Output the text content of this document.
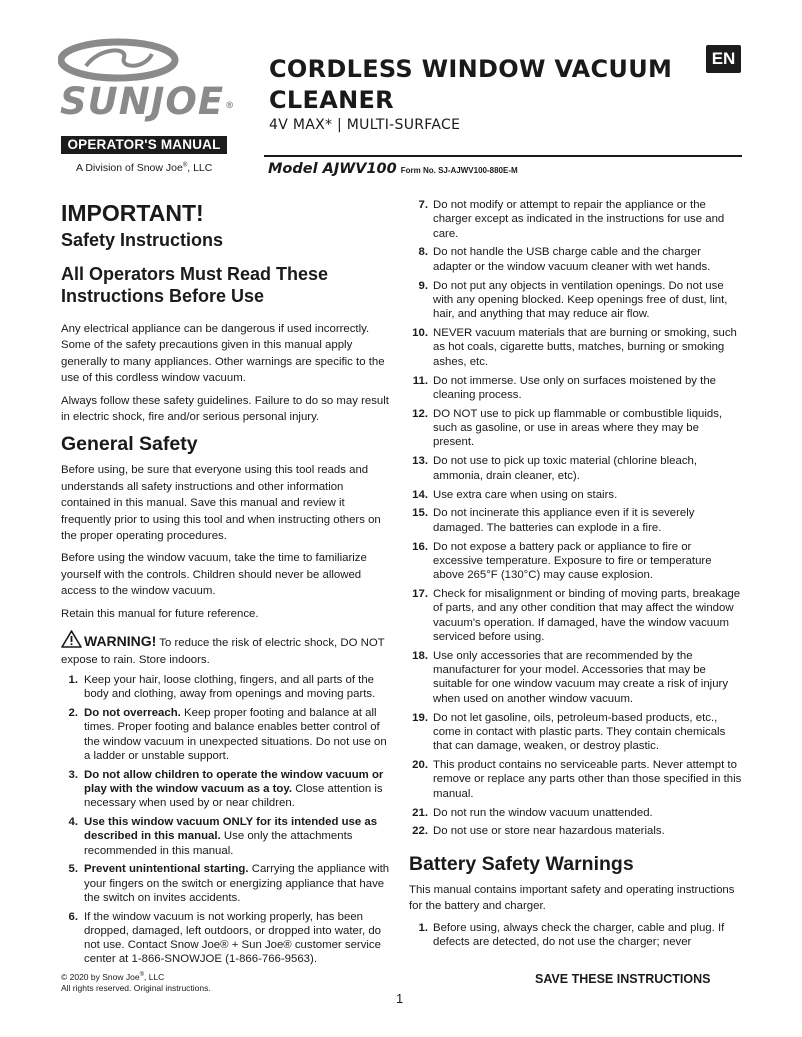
SUNJOE®
OPERATOR'S MANUAL
A Division of Snow Joe®, LLC
CORDLESS WINDOW VACUUM CLEANER
4V MAX* | MULTI-SURFACE
EN
Model AJWV100 Form No. SJ-AJWV100-880E-M
IMPORTANT!
Safety Instructions
All Operators Must Read These Instructions Before Use

Any electrical appliance can be dangerous if used incorrectly. Some of the safety precautions given in this manual apply generally to many appliances. Other warnings are specific to the use of this cordless window vacuum.

Always follow these safety guidelines. Failure to do so may result in electric shock, fire and/or serious personal injury.

General Safety

Before using, be sure that everyone using this tool reads and understands all safety instructions and other information contained in this manual. Save this manual and review it frequently prior to using this tool and when instructing others on the proper operating procedures.

Before using the window vacuum, take the time to familiarize yourself with the controls. Children should never be allowed access to the window vacuum.

Retain this manual for future reference.

WARNING! To reduce the risk of electric shock, DO NOT expose to rain. Store indoors.
1. Keep your hair, loose clothing, fingers, and all parts of the body and clothing, away from openings and moving parts.
2. Do not overreach. Keep proper footing and balance at all times. Proper footing and balance enables better control of the window vacuum in unexpected situations. Do not use on a ladder or unstable support.
3. Do not allow children to operate the window vacuum or play with the window vacuum as a toy. Close attention is necessary when used by or near children.
4. Use this window vacuum ONLY for its intended use as described in this manual. Use only the attachments recommended in this manual.
5. Prevent unintentional starting. Carrying the appliance with your fingers on the switch or energizing appliance that have the switch on invites accidents.
6. If the window vacuum is not working properly, has been dropped, damaged, left outdoors, or dropped into water, do not use. Contact Snow Joe® + Sun Joe® customer service center at 1-866-SNOWJOE (1-866-766-9563).
7. Do not modify or attempt to repair the appliance or the charger except as indicated in the instructions for use and care.
8. Do not handle the USB charge cable and the charger adapter or the window vacuum cleaner with wet hands.
9. Do not put any objects in ventilation openings. Do not use with any opening blocked. Keep openings free of dust, lint, hair, and anything that may reduce air flow.
10. NEVER vacuum materials that are burning or smoking, such as hot coals, cigarette butts, matches, burning or smoking ashes, etc.
11. Do not immerse. Use only on surfaces moistened by the cleaning process.
12. DO NOT use to pick up flammable or combustible liquids, such as gasoline, or use in areas where they may be present.
13. Do not use to pick up toxic material (chlorine bleach, ammonia, drain cleaner, etc).
14. Use extra care when using on stairs.
15. Do not incinerate this appliance even if it is severely damaged. The batteries can explode in a fire.
16. Do not expose a battery pack or appliance to fire or excessive temperature. Exposure to fire or temperature above 265°F (130°C) may cause explosion.
17. Check for misalignment or binding of moving parts, breakage of parts, and any other condition that may affect the window vacuum's operation. If damaged, have the window vacuum serviced before using.
18. Use only accessories that are recommended by the manufacturer for your model. Accessories that may be suitable for one window vacuum may create a risk of injury when used on another window vacuum.
19. Do not let gasoline, oils, petroleum-based products, etc., come in contact with plastic parts. They contain chemicals that can damage, weaken, or destroy plastic.
20. This product contains no serviceable parts. Never attempt to remove or replace any parts other than those specified in this manual.
21. Do not run the window vacuum unattended.
22. Do not use or store near hazardous materials.
Battery Safety Warnings

This manual contains important safety and operating instructions for the battery and charger.

1. Before using, always check the charger, cable and plug. If defects are detected, do not use the charger; never
© 2020 by Snow Joe®, LLC
All rights reserved. Original instructions.
SAVE THESE INSTRUCTIONS
1
